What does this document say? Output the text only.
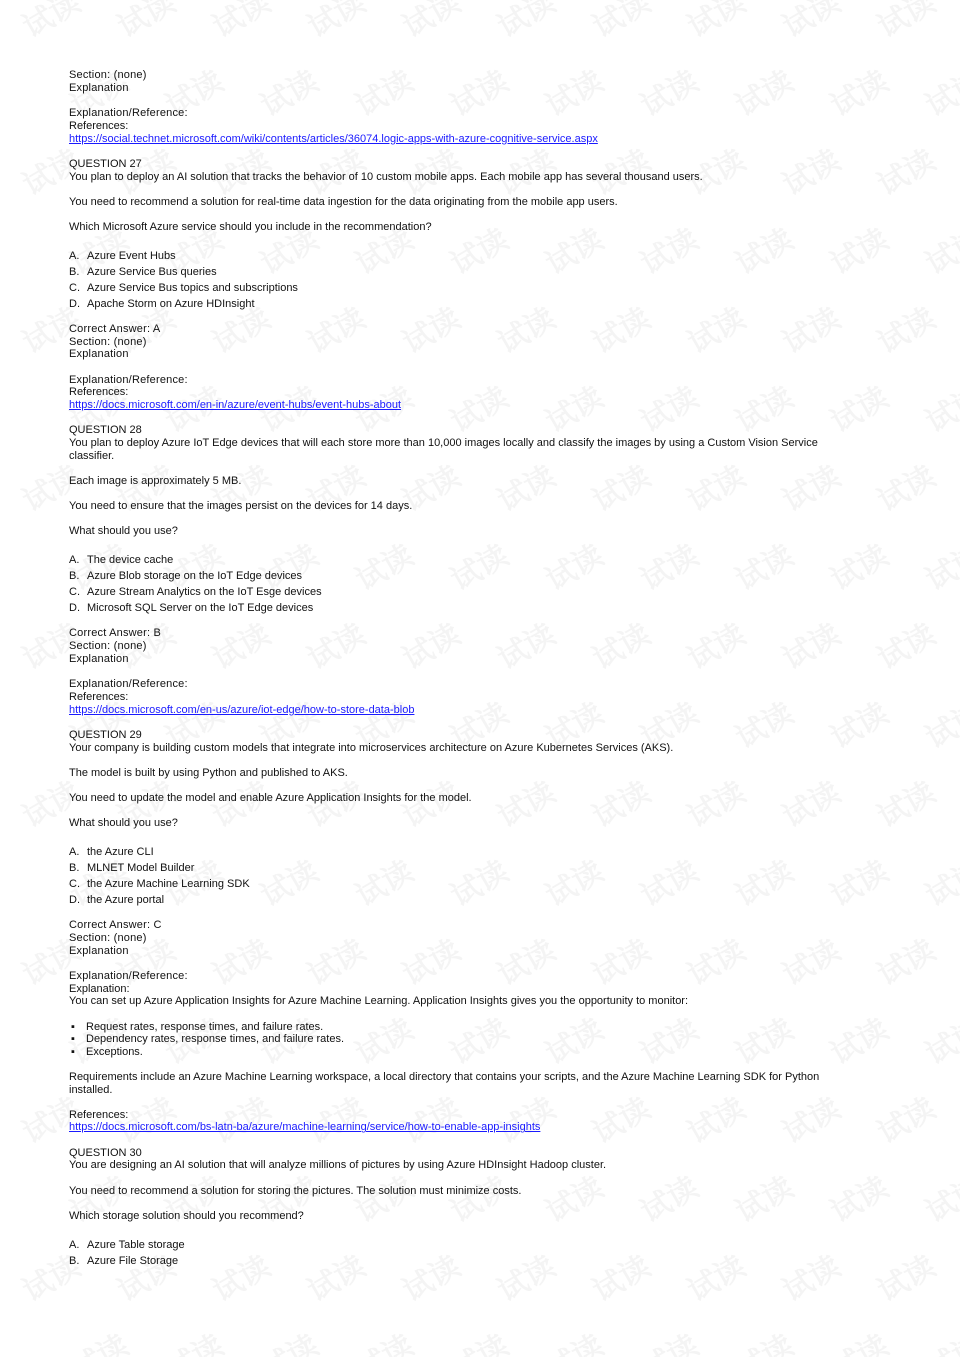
Section: (none)
Explanation
Explanation/Reference:
References:
https://social.technet.microsoft.com/wiki/contents/articles/36074.logic-apps-with-azure-cognitive-service.aspx
QUESTION 27
You plan to deploy an AI solution that tracks the behavior of 10 custom mobile apps. Each mobile app has several thousand users.
You need to recommend a solution for real-time data ingestion for the data originating from the mobile app users.
Which Microsoft Azure service should you include in the recommendation?
A. Azure Event Hubs
B. Azure Service Bus queries
C. Azure Service Bus topics and subscriptions
D. Apache Storm on Azure HDInsight
Correct Answer: A
Section: (none)
Explanation
Explanation/Reference:
References:
https://docs.microsoft.com/en-in/azure/event-hubs/event-hubs-about
QUESTION 28
You plan to deploy Azure IoT Edge devices that will each store more than 10,000 images locally and classify the images by using a Custom Vision Service
classifier.
Each image is approximately 5 MB.
You need to ensure that the images persist on the devices for 14 days.
What should you use?
A. The device cache
B. Azure Blob storage on the IoT Edge devices
C. Azure Stream Analytics on the IoT Esge devices
D. Microsoft SQL Server on the IoT Edge devices
Correct Answer: B
Section: (none)
Explanation
Explanation/Reference:
References:
https://docs.microsoft.com/en-us/azure/iot-edge/how-to-store-data-blob
QUESTION 29
Your company is building custom models that integrate into microservices architecture on Azure Kubernetes Services (AKS).
The model is built by using Python and published to AKS.
You need to update the model and enable Azure Application Insights for the model.
What should you use?
A. the Azure CLI
B. MLNET Model Builder
C. the Azure Machine Learning SDK
D. the Azure portal
Correct Answer: C
Section: (none)
Explanation
Explanation/Reference:
Explanation:
You can set up Azure Application Insights for Azure Machine Learning. Application Insights gives you the opportunity to monitor:
▪	Request rates, response times, and failure rates.
▪	Dependency rates, response times, and failure rates.
▪	Exceptions.
Requirements include an Azure Machine Learning workspace, a local directory that contains your scripts, and the Azure Machine Learning SDK for Python
installed.
References:
https://docs.microsoft.com/bs-latn-ba/azure/machine-learning/service/how-to-enable-app-insights
QUESTION 30
You are designing an AI solution that will analyze millions of pictures by using Azure HDInsight Hadoop cluster.
You need to recommend a solution for storing the pictures. The solution must minimize costs.
Which storage solution should you recommend?
A. Azure Table storage
B. Azure File Storage
